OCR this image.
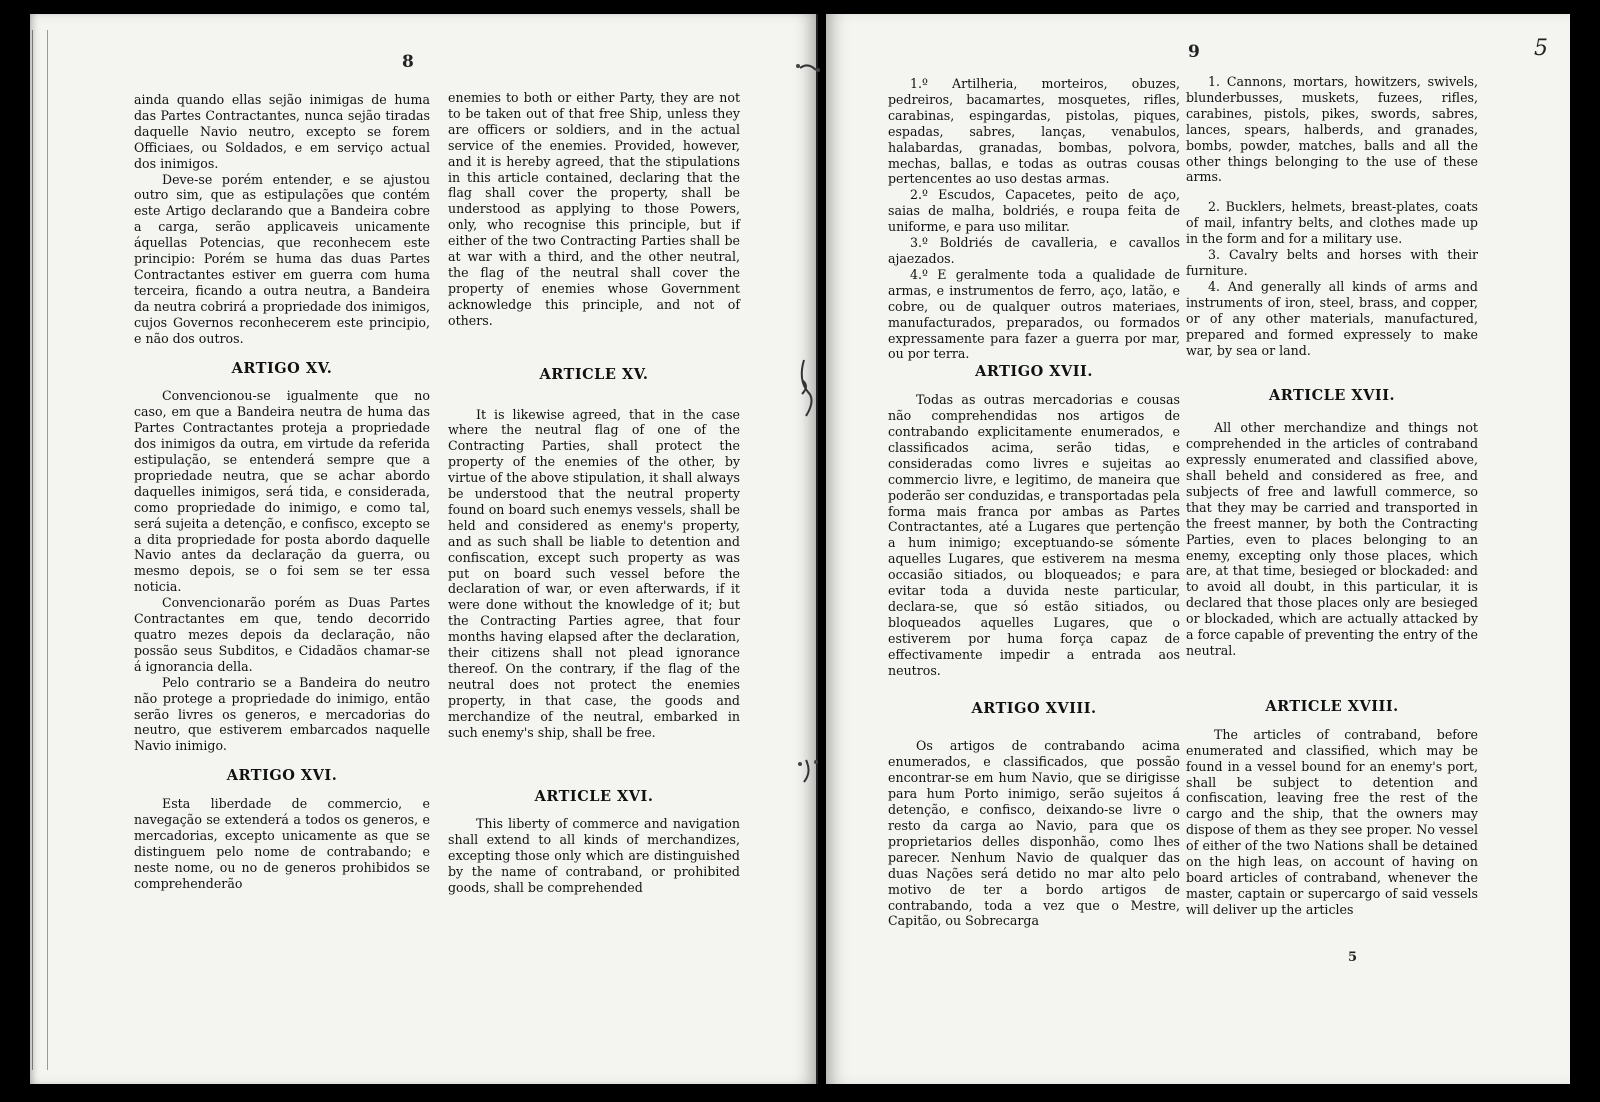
8

ainda quando ellas sejão inimigas de huma das Partes Contractantes, nunca sejão tiradas daquelle Navio neutro, excepto se forem Officiaes, ou Soldados, e em serviço actual dos inimigos.

Deve-se porém entender, e se ajustou outro sim, que as estipulações que contém este Artigo declarando que a Bandeira cobre a carga, serão applicaveis unicamente áquellas Potencias, que reconhecem este principio: Porém se huma das duas Partes Contractantes estiver em guerra com huma terceira, ficando a outra neutra, a Bandeira da neutra cobrirá a propriedade dos inimigos, cujos Governos reconhecerem este principio, e não dos outros.

ARTIGO XV.

Convencionou-se igualmente que no caso, em que a Bandeira neutra de huma das Partes Contractantes proteja a propriedade dos inimigos da outra, em virtude da referida estipulação, se entenderá sempre que a propriedade neutra, que se achar abordo daquelles inimigos, será tida, e considerada, como propriedade do inimigo, e como tal, será sujeita a detenção, e confisco, excepto se a dita propriedade for posta abordo daquelle Navio antes da declaração da guerra, ou mesmo depois, se o foi sem se ter essa noticia.

Convencionarão porém as Duas Partes Contractantes em que, tendo decorrido quatro mezes depois da declaração, não possão seus Subditos, e Cidadãos chamar-se á ignorancia della.

Pelo contrario se a Bandeira do neutro não protege a propriedade do inimigo, então serão livres os generos, e mercadorias do neutro, que estiverem embarcados naquelle Navio inimigo.

ARTIGO XVI.

Esta liberdade de commercio, e navegação se extenderá a todos os generos, e mercadorias, excepto unicamente as que se distinguem pelo nome de contrabando; e neste nome, ou no de generos prohibidos se comprehenderão

enemies to both or either Party, they are not to be taken out of that free Ship, unless they are officers or soldiers, and in the actual service of the enemies. Provided, however, and it is hereby agreed, that the stipulations in this article contained, declaring that the flag shall cover the property, shall be understood as applying to those Powers, only, who recognise this principle, but if either of the two Contracting Parties shall be at war with a third, and the other neutral, the flag of the neutral shall cover the property of enemies whose Government acknowledge this principle, and not of others.

ARTICLE XV.

It is likewise agreed, that in the case where the neutral flag of one of the Contracting Parties, shall protect the property of the enemies of the other, by virtue of the above stipulation, it shall always be understood that the neutral property found on board such enemys vessels, shall be held and considered as enemy's property, and as such shall be liable to detention and confiscation, except such property as was put on board such vessel before the declaration of war, or even afterwards, if it were done without the knowledge of it; but the Contracting Parties agree, that four months having elapsed after the declaration, their citizens shall not plead ignorance thereof. On the contrary, if the flag of the neutral does not protect the enemies property, in that case, the goods and merchandize of the neutral, embarked in such enemy's ship, shall be free.

ARTICLE XVI.

This liberty of commerce and navigation shall extend to all kinds of merchandizes, excepting those only which are distinguished by the name of contraband, or prohibited goods, shall be comprehended

9	5

1.º Artilheria, morteiros, obuzes, pedreiros, bacamartes, mosquetes, rifles, carabinas, espingardas, pistolas, piques, espadas, sabres, lanças, venabulos, halabardas, granadas, bombas, polvora, mechas, ballas, e todas as outras cousas pertencentes ao uso destas armas.

2.º Escudos, Capacetes, peito de aço, saias de malha, boldriés, e roupa feita de uniforme, e para uso militar.

3.º Boldriés de cavalleria, e cavallos ajaezados.

4.º E geralmente toda a qualidade de armas, e instrumentos de ferro, aço, latão, e cobre, ou de qualquer outros materiaes, manufacturados, preparados, ou formados expressamente para fazer a guerra por mar, ou por terra.

ARTIGO XVII.

Todas as outras mercadorias e cousas não comprehendidas nos artigos de contrabando explicitamente enumerados, e classificados acima, serão tidas, e consideradas como livres e sujeitas ao commercio livre, e legitimo, de maneira que poderão ser conduzidas, e transportadas pela forma mais franca por ambas as Partes Contractantes, até a Lugares que pertenção a hum inimigo; exceptuando-se sómente aquelles Lugares, que estiverem na mesma occasião sitiados, ou bloqueados; e para evitar toda a duvida neste particular, declara-se, que só estão sitiados, ou bloqueados aquelles Lugares, que o estiverem por huma força capaz de effectivamente impedir a entrada aos neutros.

ARTIGO XVIII.

Os artigos de contrabando acima enumerados, e classificados, que possão encontrar-se em hum Navio, que se dirigisse para hum Porto inimigo, serão sujeitos á detenção, e confisco, deixando-se livre o resto da carga ao Navio, para que os proprietarios delles disponhão, como lhes parecer. Nenhum Navio de qualquer das duas Nações será detido no mar alto pelo motivo de ter a bordo artigos de contrabando, toda a vez que o Mestre, Capitão, ou Sobrecarga

1. Cannons, mortars, howitzers, swivels, blunderbusses, muskets, fuzees, rifles, carabines, pistols, pikes, swords, sabres, lances, spears, halberds, and granades, bombs, powder, matches, balls and all the other things belonging to the use of these arms.

2. Bucklers, helmets, breast-plates, coats of mail, infantry belts, and clothes made up in the form and for a military use.

3. Cavalry belts and horses with their furniture.

4. And generally all kinds of arms and instruments of iron, steel, brass, and copper, or of any other materials, manufactured, prepared and formed expressely to make war, by sea or land.

ARTICLE XVII.

All other merchandize and things not comprehended in the articles of contraband expressly enumerated and classified above, shall beheld and considered as free, and subjects of free and lawfull commerce, so that they may be carried and transported in the freest manner, by both the Contracting Parties, even to places belonging to an enemy, excepting only those places, which are, at that time, besieged or blockaded: and to avoid all doubt, in this particular, it is declared that those places only are besieged or blockaded, which are actually attacked by a force capable of preventing the entry of the neutral.

ARTICLE XVIII.

The articles of contraband, before enumerated and classified, which may be found in a vessel bound for an enemy's port, shall be subject to detention and confiscation, leaving free the rest of the cargo and the ship, that the owners may dispose of them as they see proper. No vessel of either of the two Nations shall be detained on the high leas, on account of having on board articles of contraband, whenever the master, captain or supercargo of said vessels will deliver up the articles

5
